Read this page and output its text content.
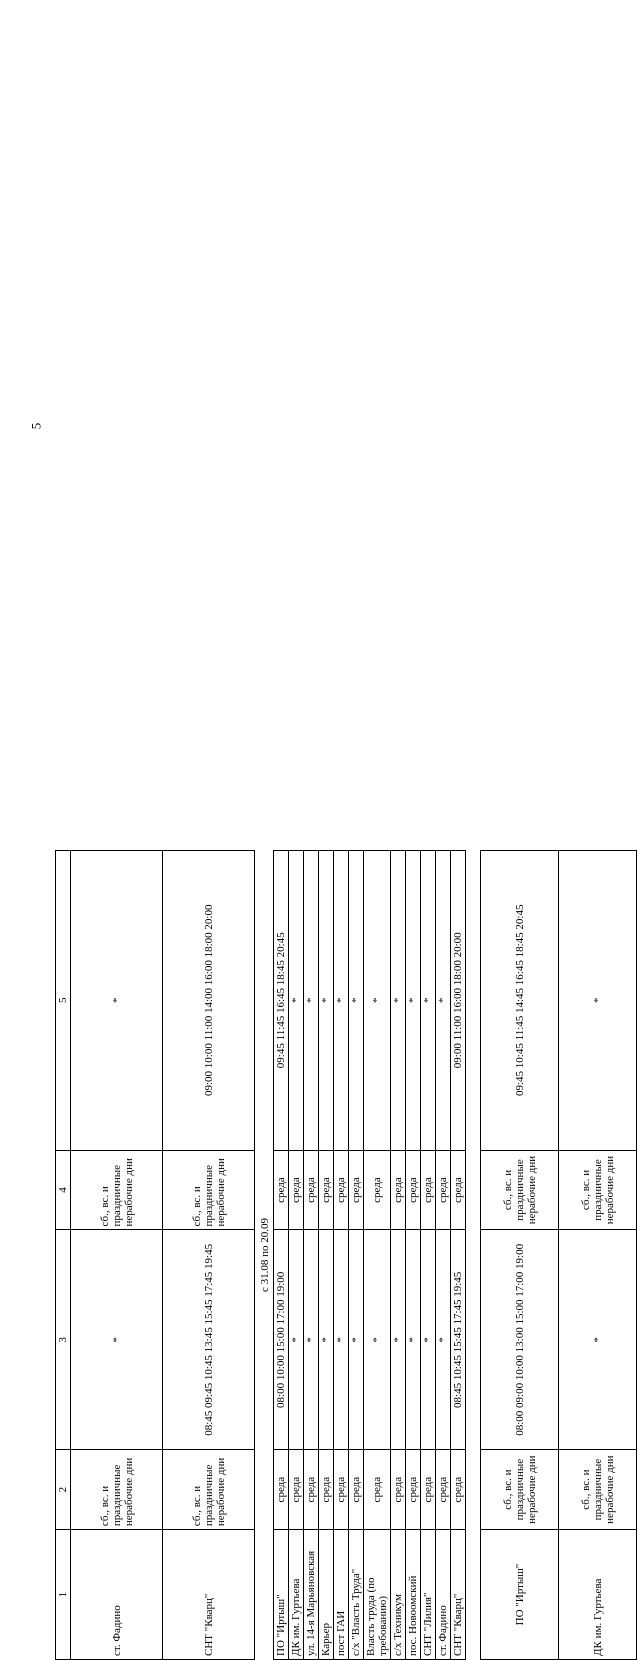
5
1	2	3	4	5
ст. Фадино	сб., вс. и праздничные нерабочие дни	*	сб., вс. и праздничные нерабочие дни	*
СНТ "Кварц"	сб., вс. и праздничные нерабочие дни	08:45 09:45 10:45 13:45 15:45 17:45 19:45	сб., вс. и праздничные нерабочие дни	09:00 10:00 11:00 14:00 16:00 18:00 20:00
с 31.08 по 20.09				
ПО "Иртыш"	среда	08:00 10:00 15:00 17:00 19:00	среда	09:45 11:45 16:45 18:45 20:45
ДК им. Гуртьева	среда	*	среда	*
ул. 14-я Марьяновская	среда	*	среда	*
Карьер	среда	*	среда	*
пост ГАИ	среда	*	среда	*
с/х "Власть Труда"	среда	*	среда	*
Власть труда (по требованию)	среда	*	среда	*
с/х Техникум	среда	*	среда	*
пос. Новоомский	среда	*	среда	*
СНТ "Лилия"	среда	*	среда	*
ст. Фадино	среда	*	среда	*
СНТ "Кварц"	среда	08:45 10:45 15:45 17:45 19:45	среда	09:00 11:00 16:00 18:00 20:00

ПО "Иртыш"	сб., вс. и праздничные нерабочие дни	08:00 09:00 10:00 13:00 15:00 17:00 19:00	сб., вс. и праздничные нерабочие дни	09:45 10:45 11:45 14:45 16:45 18:45 20:45
ДК им. Гуртьева	сб., вс. и праздничные нерабочие дни	*	сб., вс. и праздничные нерабочие дни	*
